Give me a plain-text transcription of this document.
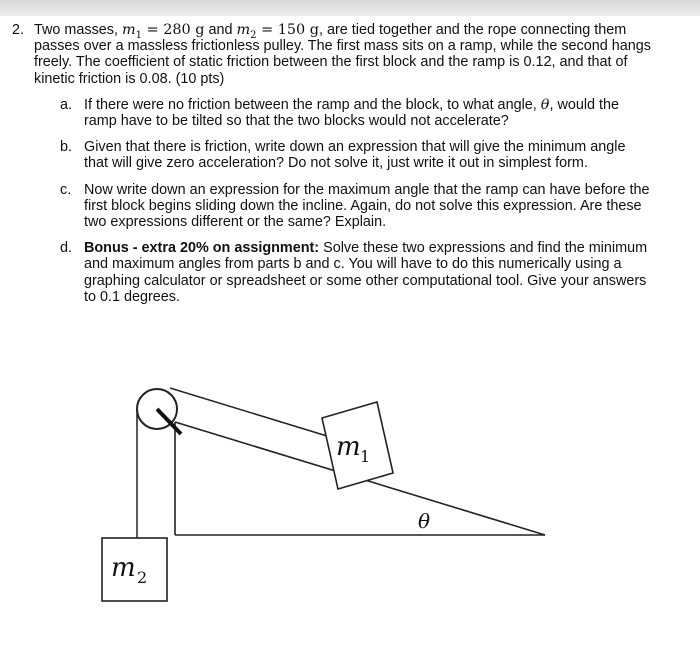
2. Two masses, $m_1 = 280$ g and $m_2 = 150$ g, are tied together and the rope connecting them passes over a massless frictionless pulley. The first mass sits on a ramp, while the second hangs freely. The coefficient of static friction between the first block and the ramp is 0.12, and that of kinetic friction is 0.08. (10 pts)
a. If there were no friction between the ramp and the block, to what angle, θ, would the ramp have to be tilted so that the two blocks would not accelerate?
b. Given that there is friction, write down an expression that will give the minimum angle that will give zero acceleration? Do not solve it, just write it out in simplest form.
c. Now write down an expression for the maximum angle that the ramp can have before the first block begins sliding down the incline. Again, do not solve this expression. Are these two expressions different or the same? Explain.
d. Bonus - extra 20% on assignment: Solve these two expressions and find the minimum and maximum angles from parts b and c. You will have to do this numerically using a graphing calculator or spreadsheet or some other computational tool. Give your answers to 0.1 degrees.
m 1
m 2
θ
